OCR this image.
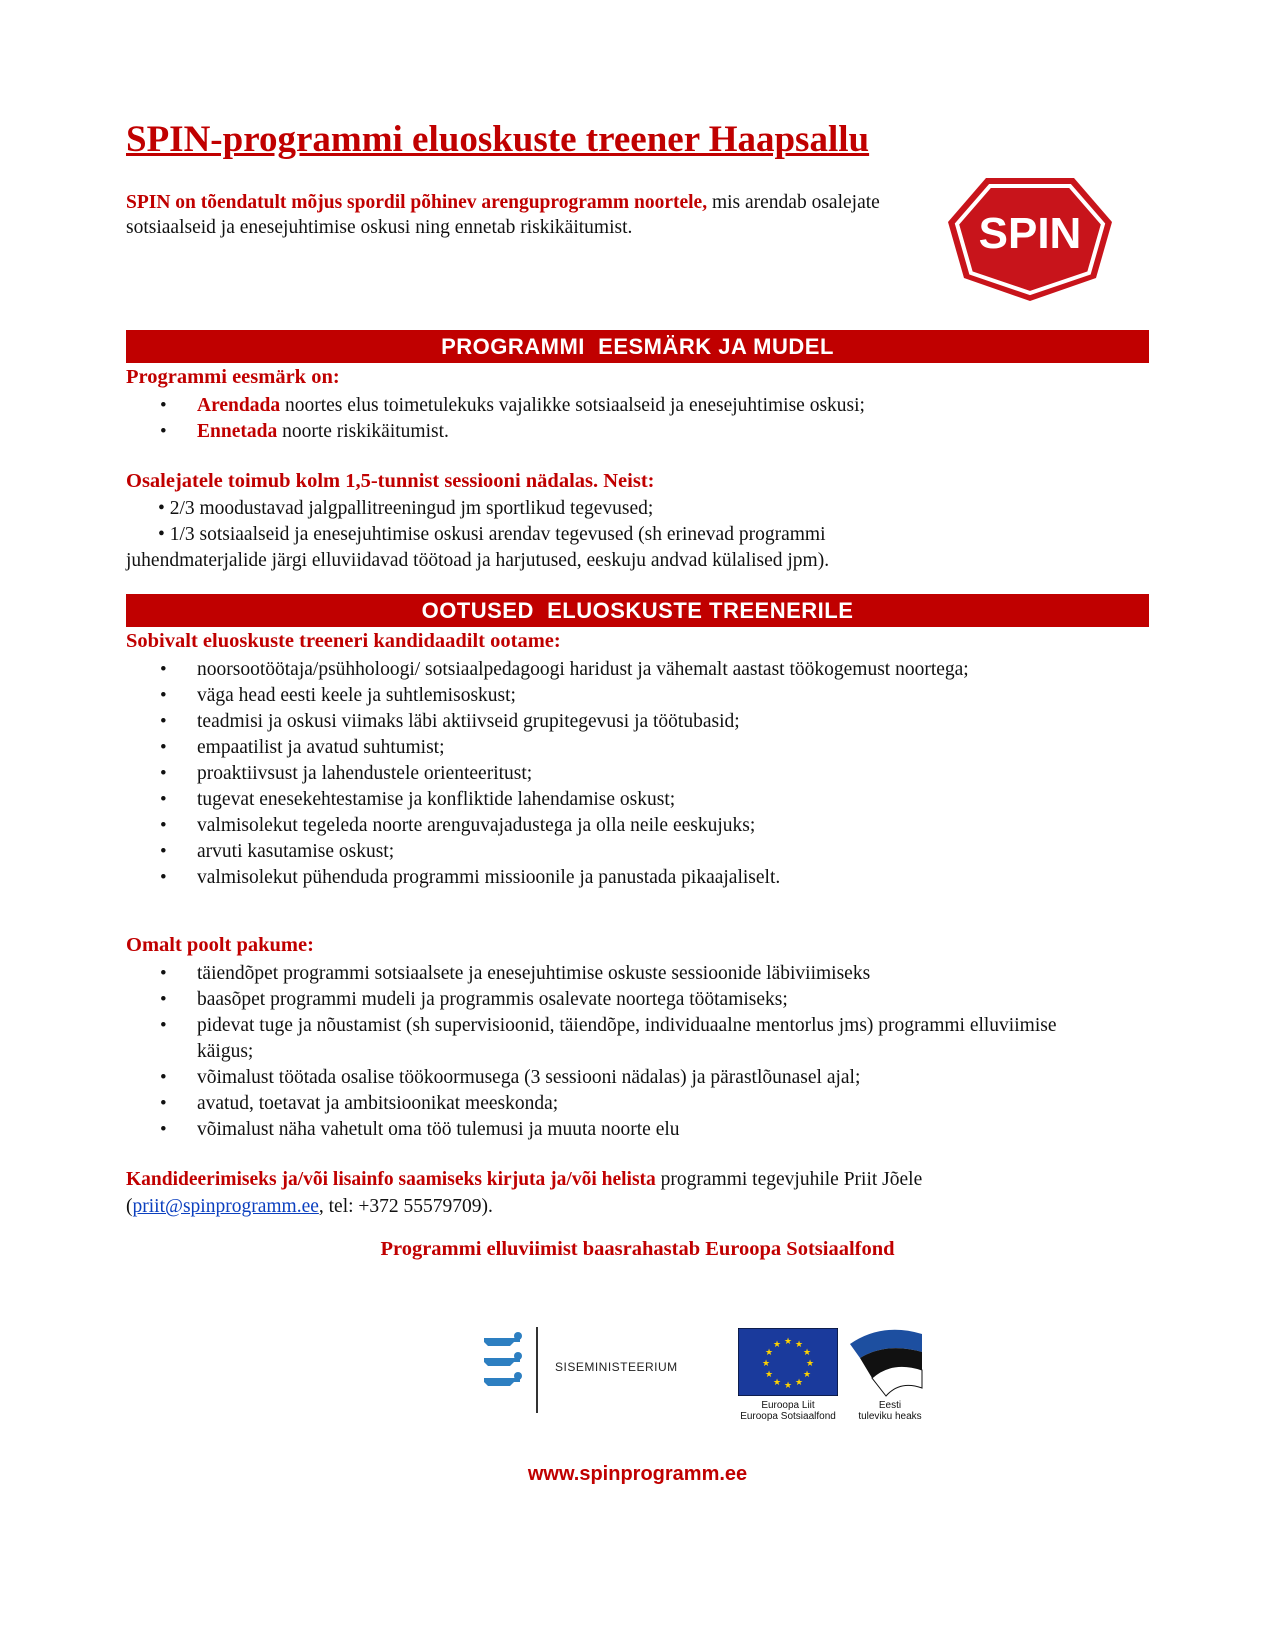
SPIN-programmi eluoskuste treener Haapsallu
SPIN on tõendatult mõjus spordil põhinev arenguprogramm noortele, mis arendab osalejate sotsiaalseid ja enesejuhtimise oskusi ning ennetab riskikäitumist.	SPIN
PROGRAMMI  EESMÄRK JA MUDEL
Programmi eesmärk on:
• Arendada noortes elus toimetulekuks vajalikke sotsiaalseid ja enesejuhtimise oskusi;
• Ennetada noorte riskikäitumist.
Osalejatele toimub kolm 1,5-tunnist sessiooni nädalas. Neist:
• 2/3 moodustavad jalgpallitreeningud jm sportlikud tegevused;
• 1/3 sotsiaalseid ja enesejuhtimise oskusi arendav tegevused (sh erinevad programmi
juhendmaterjalide järgi elluviidavad töötoad ja harjutused, eeskuju andvad külalised jpm).
OOTUSED  ELUOSKUSTE TREENERILE
Sobivalt eluoskuste treeneri kandidaadilt ootame:
• noorsootöötaja/psühholoogi/ sotsiaalpedagoogi haridust ja vähemalt aastast töökogemust noortega;
• väga head eesti keele ja suhtlemisoskust;
• teadmisi ja oskusi viimaks läbi aktiivseid grupitegevusi ja töötubasid;
• empaatilist ja avatud suhtumist;
• proaktiivsust ja lahendustele orienteeritust;
• tugevat enesekehtestamise ja konfliktide lahendamise oskust;
• valmisolekut tegeleda noorte arenguvajadustega ja olla neile eeskujuks;
• arvuti kasutamise oskust;
• valmisolekut pühenduda programmi missioonile ja panustada pikaajaliselt.
Omalt poolt pakume:
• täiendõpet programmi sotsiaalsete ja enesejuhtimise oskuste sessioonide läbiviimiseks
• baasõpet programmi mudeli ja programmis osalevate noortega töötamiseks;
• pidevat tuge ja nõustamist (sh supervisioonid, täiendõpe, individuaalne mentorlus jms) programmi elluviimise käigus;
• võimalust töötada osalise töökoormusega (3 sessiooni nädalas) ja pärastlõunasel ajal;
• avatud, toetavat ja ambitsioonikat meeskonda;
• võimalust näha vahetult oma töö tulemusi ja muuta noorte elu
Kandideerimiseks ja/või lisainfo saamiseks kirjuta ja/või helista programmi tegevjuhile Priit Jõele (priit@spinprogramm.ee, tel: +372 55579709).
Programmi elluviimist baasrahastab Euroopa Sotsiaalfond
SISEMINISTEERIUM
★ ★
★
★
★
★
★
★
★
★
★
★
Euroopa Liit
Euroopa Sotsiaalfond
Eesti
tuleviku heaks
www.spinprogramm.ee
